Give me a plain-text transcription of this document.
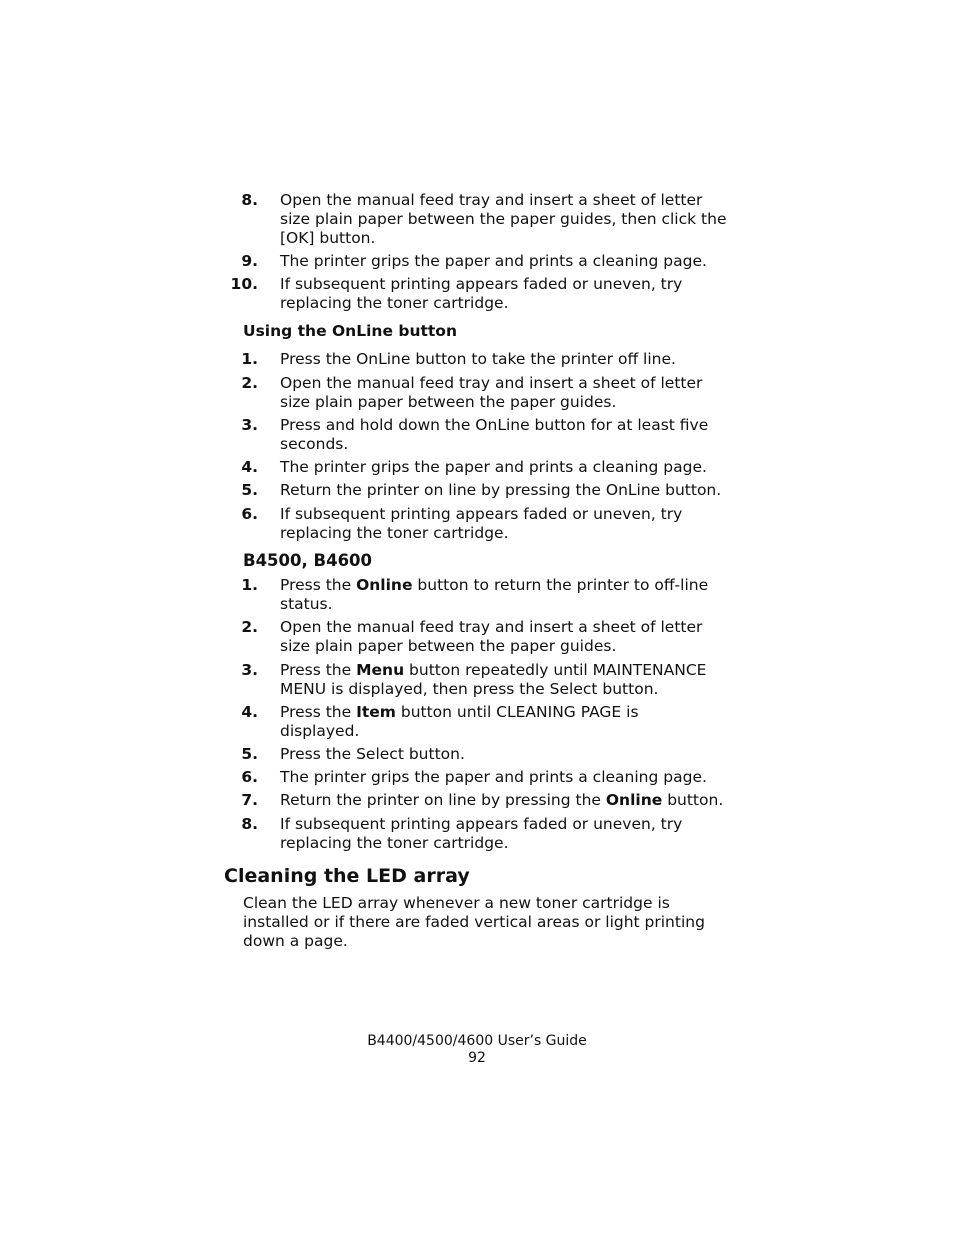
8. Open the manual feed tray and insert a sheet of letter
size plain paper between the paper guides, then click the
[OK] button.
9. The printer grips the paper and prints a cleaning page.
10. If subsequent printing appears faded or uneven, try
replacing the toner cartridge.
Using the OnLine button
1. Press the OnLine button to take the printer off line.
2. Open the manual feed tray and insert a sheet of letter
size plain paper between the paper guides.
3. Press and hold down the OnLine button for at least five
seconds.
4. The printer grips the paper and prints a cleaning page.
5. Return the printer on line by pressing the OnLine button.
6. If subsequent printing appears faded or uneven, try
replacing the toner cartridge.
B4500, B4600
1. Press the Online button to return the printer to off-line
status.
2. Open the manual feed tray and insert a sheet of letter
size plain paper between the paper guides.
3. Press the Menu button repeatedly until MAINTENANCE
MENU is displayed, then press the Select button.
4. Press the Item button until CLEANING PAGE is
displayed.
5. Press the Select button.
6. The printer grips the paper and prints a cleaning page.
7. Return the printer on line by pressing the Online button.
8. If subsequent printing appears faded or uneven, try
replacing the toner cartridge.
Cleaning the LED array
Clean the LED array whenever a new toner cartridge is
installed or if there are faded vertical areas or light printing
down a page.
B4400/4500/4600 User’s Guide
92
